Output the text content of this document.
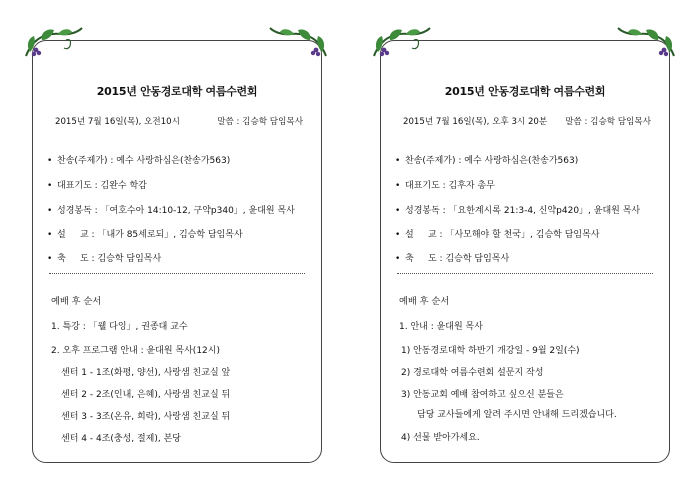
2015년 안동경로대학 여름수련회
2015년 7월 16일(목), 오전10시	말씀 : 김승학 담임목사
• 찬송(주제가) : 예수 사랑하심은(찬송가563)
• 대표기도 : 김완수 학감
• 성경봉독 : 「여호수아 14:10-12, 구약p340」, 윤대원 목사
• 설     교 : 「내가 85세로되」, 김승학 담임목사
• 축     도 : 김승학 담임목사
예배 후 순서
1. 특강 : 「웰 다잉」, 권종대 교수
2. 오후 프로그램 안내 : 윤대원 목사(12시)
센터 1 - 1조(화평, 양선), 사랑샘 친교실 앞
센터 2 - 2조(인내, 은혜), 사랑샘 친교실 뒤
센터 3 - 3조(온유, 희락), 사랑샘 친교실 뒤
센터 4 - 4조(충성, 절제), 본당
2015년 안동경로대학 여름수련회
2015년 7월 16일(목), 오후 3시 20분 말씀 : 김승학 담임목사
• 찬송(주제가) : 예수 사랑하심은(찬송가563)
• 대표기도 : 김후자 총무
• 성경봉독 : 「요한계시록 21:3-4, 신약p420」, 윤대원 목사
• 설     교 : 「사모해야 할 천국」, 김승학 담임목사
• 축     도 : 김승학 담임목사
예배 후 순서
1. 안내 : 윤대원 목사
1) 안동경로대학 하반기 개강일 - 9월 2일(수)
2) 경로대학 여름수련회 설문지 작성
3) 안동교회 예배 참여하고 싶으신 분들은
담당 교사들에게 알려 주시면 안내해 드리겠습니다.
4) 선물 받아가세요.
